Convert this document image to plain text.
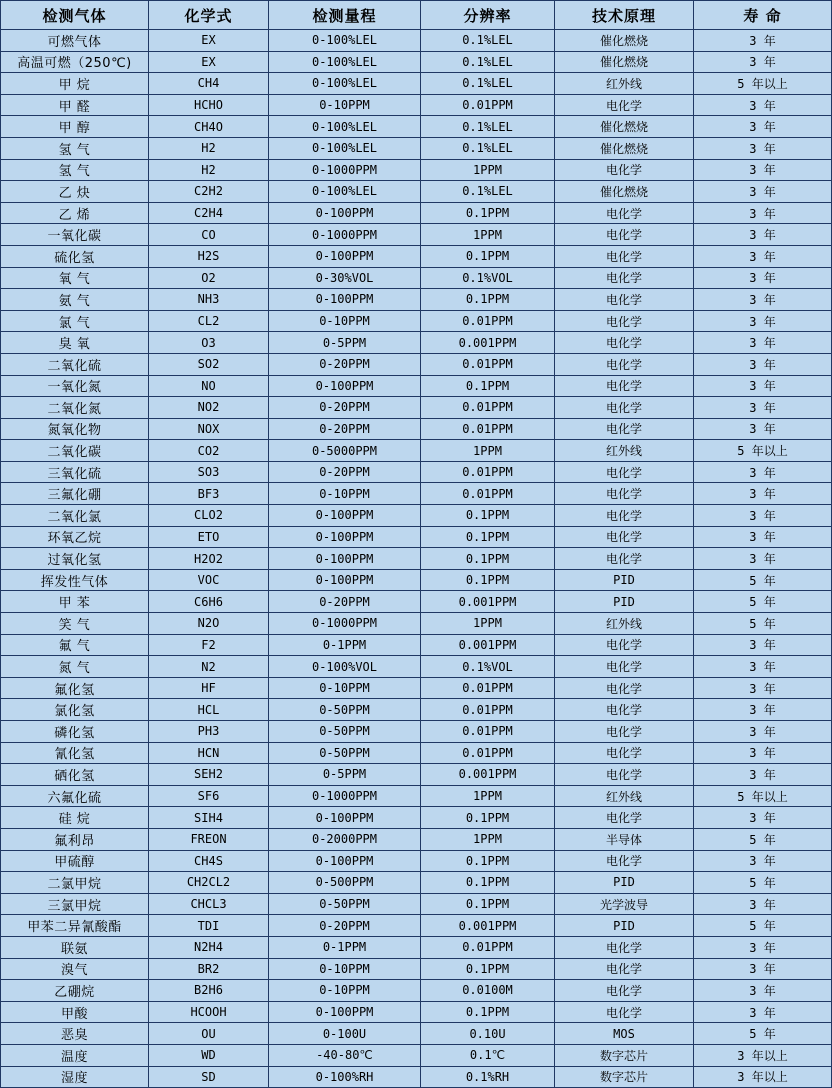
检测气体	化学式	检测量程	分辨率	技术原理	寿 命
可燃气体	EX	0-100%LEL	0.1%LEL	催化燃烧	3 年
高温可燃（250℃)	EX	0-100%LEL	0.1%LEL	催化燃烧	3 年
甲 烷	CH4	0-100%LEL	0.1%LEL	红外线	5 年以上
甲 醛	HCHO	0-10PPM	0.01PPM	电化学	3 年
甲 醇	CH4O	0-100%LEL	0.1%LEL	催化燃烧	3 年
氢 气	H2	0-100%LEL	0.1%LEL	催化燃烧	3 年
氢 气	H2	0-1000PPM	1PPM	电化学	3 年
乙 炔	C2H2	0-100%LEL	0.1%LEL	催化燃烧	3 年
乙 烯	C2H4	0-100PPM	0.1PPM	电化学	3 年
一氧化碳	CO	0-1000PPM	1PPM	电化学	3 年
硫化氢	H2S	0-100PPM	0.1PPM	电化学	3 年
氧 气	O2	0-30%VOL	0.1%VOL	电化学	3 年
氨 气	NH3	0-100PPM	0.1PPM	电化学	3 年
氯 气	CL2	0-10PPM	0.01PPM	电化学	3 年
臭 氧	O3	0-5PPM	0.001PPM	电化学	3 年
二氧化硫	SO2	0-20PPM	0.01PPM	电化学	3 年
一氧化氮	NO	0-100PPM	0.1PPM	电化学	3 年
二氧化氮	NO2	0-20PPM	0.01PPM	电化学	3 年
氮氧化物	NOX	0-20PPM	0.01PPM	电化学	3 年
二氧化碳	CO2	0-5000PPM	1PPM	红外线	5 年以上
三氧化硫	SO3	0-20PPM	0.01PPM	电化学	3 年
三氟化硼	BF3	0-10PPM	0.01PPM	电化学	3 年
二氧化氯	CLO2	0-100PPM	0.1PPM	电化学	3 年
环氧乙烷	ETO	0-100PPM	0.1PPM	电化学	3 年
过氧化氢	H2O2	0-100PPM	0.1PPM	电化学	3 年
挥发性气体	VOC	0-100PPM	0.1PPM	PID	5 年
甲 苯	C6H6	0-20PPM	0.001PPM	PID	5 年
笑 气	N2O	0-1000PPM	1PPM	红外线	5 年
氟 气	F2	0-1PPM	0.001PPM	电化学	3 年
氮 气	N2	0-100%VOL	0.1%VOL	电化学	3 年
氟化氢	HF	0-10PPM	0.01PPM	电化学	3 年
氯化氢	HCL	0-50PPM	0.01PPM	电化学	3 年
磷化氢	PH3	0-50PPM	0.01PPM	电化学	3 年
氰化氢	HCN	0-50PPM	0.01PPM	电化学	3 年
硒化氢	SEH2	0-5PPM	0.001PPM	电化学	3 年
六氟化硫	SF6	0-1000PPM	1PPM	红外线	5 年以上
硅 烷	SIH4	0-100PPM	0.1PPM	电化学	3 年
氟利昂	FREON	0-2000PPM	1PPM	半导体	5 年
甲硫醇	CH4S	0-100PPM	0.1PPM	电化学	3 年
二氯甲烷	CH2CL2	0-500PPM	0.1PPM	PID	5 年
三氯甲烷	CHCL3	0-50PPM	0.1PPM	光学波导	3 年
甲苯二异氰酸酯	TDI	0-20PPM	0.001PPM	PID	5 年
联氨	N2H4	0-1PPM	0.01PPM	电化学	3 年
溴气	BR2	0-10PPM	0.1PPM	电化学	3 年
乙硼烷	B2H6	0-10PPM	0.0100M	电化学	3 年
甲酸	HCOOH	0-100PPM	0.1PPM	电化学	3 年
恶臭	OU	0-100U	0.10U	MOS	5 年
温度	WD	-40-80℃	0.1℃	数字芯片	3 年以上
湿度	SD	0-100%RH	0.1%RH	数字芯片	3 年以上
